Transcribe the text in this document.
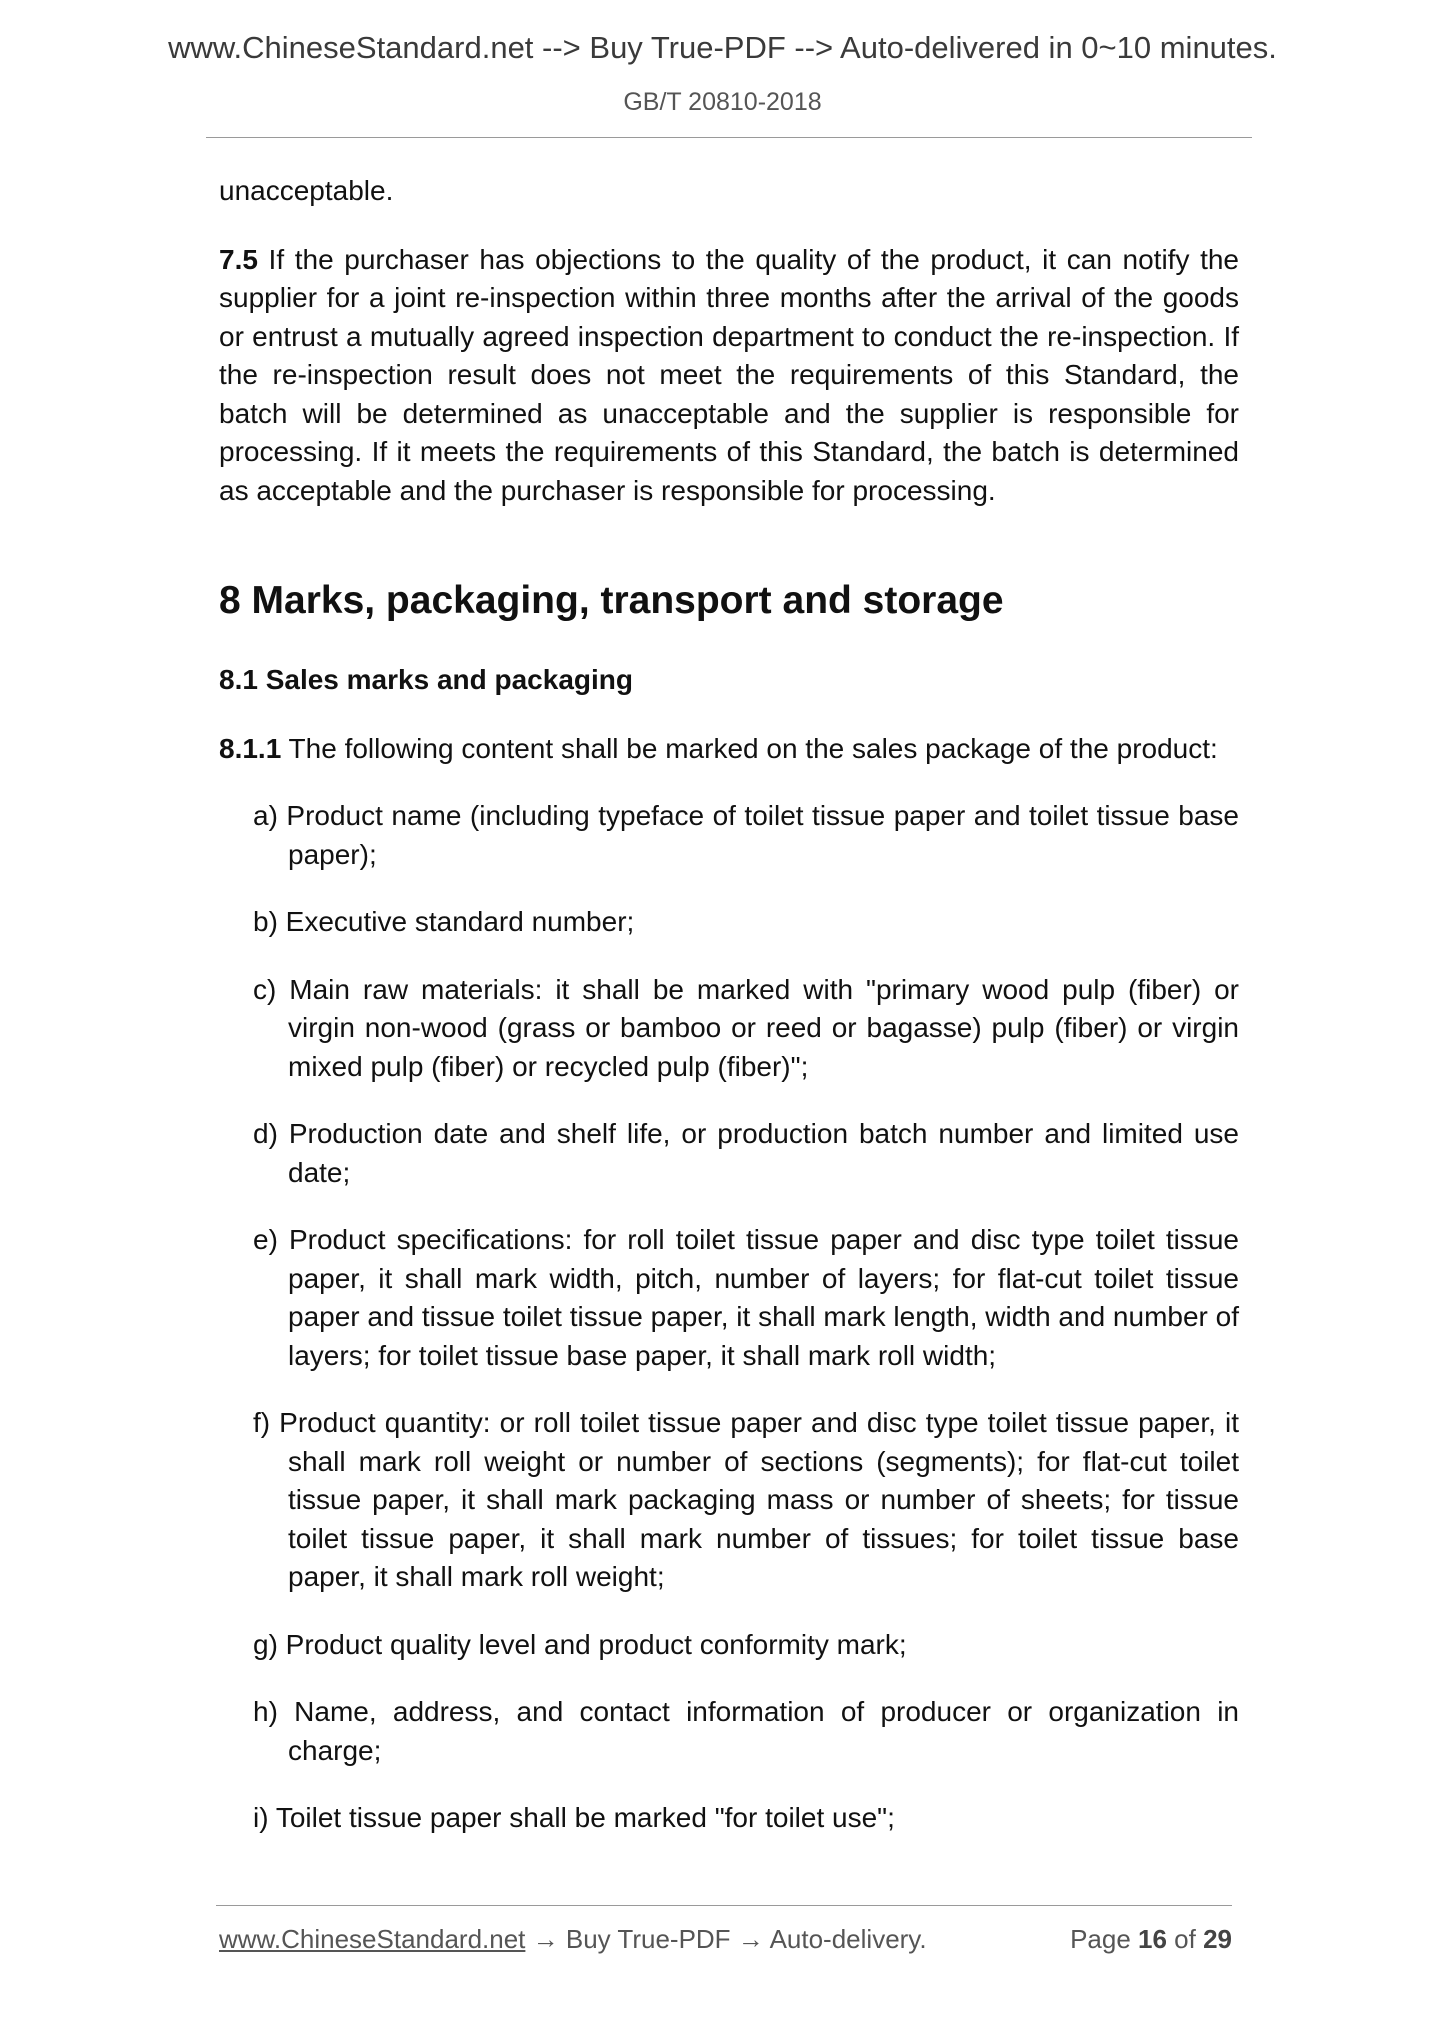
www.ChineseStandard.net --> Buy True-PDF --> Auto-delivered in 0~10 minutes.
GB/T 20810-2018

unacceptable.

7.5 If the purchaser has objections to the quality of the product, it can notify the supplier for a joint re-inspection within three months after the arrival of the goods or entrust a mutually agreed inspection department to conduct the re-inspection. If the re-inspection result does not meet the requirements of this Standard, the batch will be determined as unacceptable and the supplier is responsible for processing. If it meets the requirements of this Standard, the batch is determined as acceptable and the purchaser is responsible for processing.

8 Marks, packaging, transport and storage
8.1 Sales marks and packaging

8.1.1 The following content shall be marked on the sales package of the product:

a) Product name (including typeface of toilet tissue paper and toilet tissue base paper);
b) Executive standard number;
c) Main raw materials: it shall be marked with "primary wood pulp (fiber) or virgin non-wood (grass or bamboo or reed or bagasse) pulp (fiber) or virgin mixed pulp (fiber) or recycled pulp (fiber)";
d) Production date and shelf life, or production batch number and limited use date;
e) Product specifications: for roll toilet tissue paper and disc type toilet tissue paper, it shall mark width, pitch, number of layers; for flat-cut toilet tissue paper and tissue toilet tissue paper, it shall mark length, width and number of layers; for toilet tissue base paper, it shall mark roll width;
f) Product quantity: or roll toilet tissue paper and disc type toilet tissue paper, it shall mark roll weight or number of sections (segments); for flat-cut toilet tissue paper, it shall mark packaging mass or number of sheets; for tissue toilet tissue paper, it shall mark number of tissues; for toilet tissue base paper, it shall mark roll weight;
g) Product quality level and product conformity mark;
h) Name, address, and contact information of producer or organization in charge;
i) Toilet tissue paper shall be marked "for toilet use";
www.ChineseStandard.net → Buy True-PDF → Auto-delivery.	Page 16 of 29
